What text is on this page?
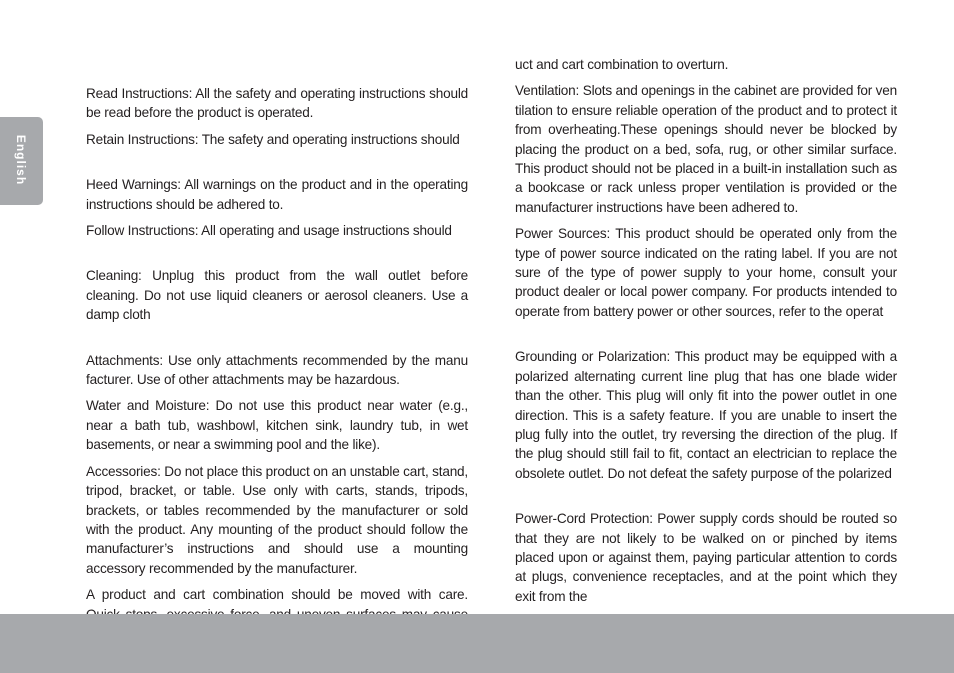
English

Read Instructions: All the safety and operating instructions should be read before the product is operated.

Retain Instructions: The safety and operating instructions should

Heed Warnings: All warnings on the product and in the operating instructions should be adhered to.

Follow Instructions: All operating and usage instructions should

Cleaning: Unplug this product from the wall outlet before cleaning. Do not use liquid cleaners or aerosol cleaners. Use a damp cloth

Attachments: Use only attachments recommended by the manu facturer. Use of other attachments may be hazardous.

Water and Moisture: Do not use this product near water (e.g., near a bath tub, washbowl, kitchen sink, laundry tub, in wet basements, or near a swimming pool and the like).

Accessories: Do not place this product on an unstable cart, stand, tripod, bracket, or table. Use only with carts, stands, tripods, brackets, or tables recommended by the manufacturer or sold with the product. Any mounting of the product should follow the manufacturer’s instructions and should use a mounting accessory recommended by the manufacturer.

A product and cart combination should be moved with care.

uct and cart combination to overturn.

Ventilation: Slots and openings in the cabinet are provided for ven tilation to ensure reliable operation of the product and to protect it from overheating.These openings should never be blocked by placing the product on a bed, sofa, rug, or other similar surface. This product should not be placed in a built-in installation such as a bookcase or rack unless proper ventilation is provided or the manufacturer instructions have been adhered to.

Power Sources: This product should be operated only from the type of power source indicated on the rating label. If you are not sure of the type of power supply to your home, consult your product dealer or local power company. For products intended to operate from battery power or other sources, refer to the operat

Grounding or Polarization: This product may be equipped with a polarized alternating current line plug that has one blade wider than the other. This plug will only fit into the power outlet in one direction. This is a safety feature. If you are unable to insert the plug fully into the outlet, try reversing the direction of the plug. If the plug should still fail to fit, contact an electrician to replace the obsolete outlet. Do not defeat the safety purpose of the polarized

Power-Cord Protection: Power supply cords should be routed so that they are not likely to be walked on or pinched by items placed upon or against them, paying particular attention to cords at plugs, convenience receptacles, and at the point which they exit from the
